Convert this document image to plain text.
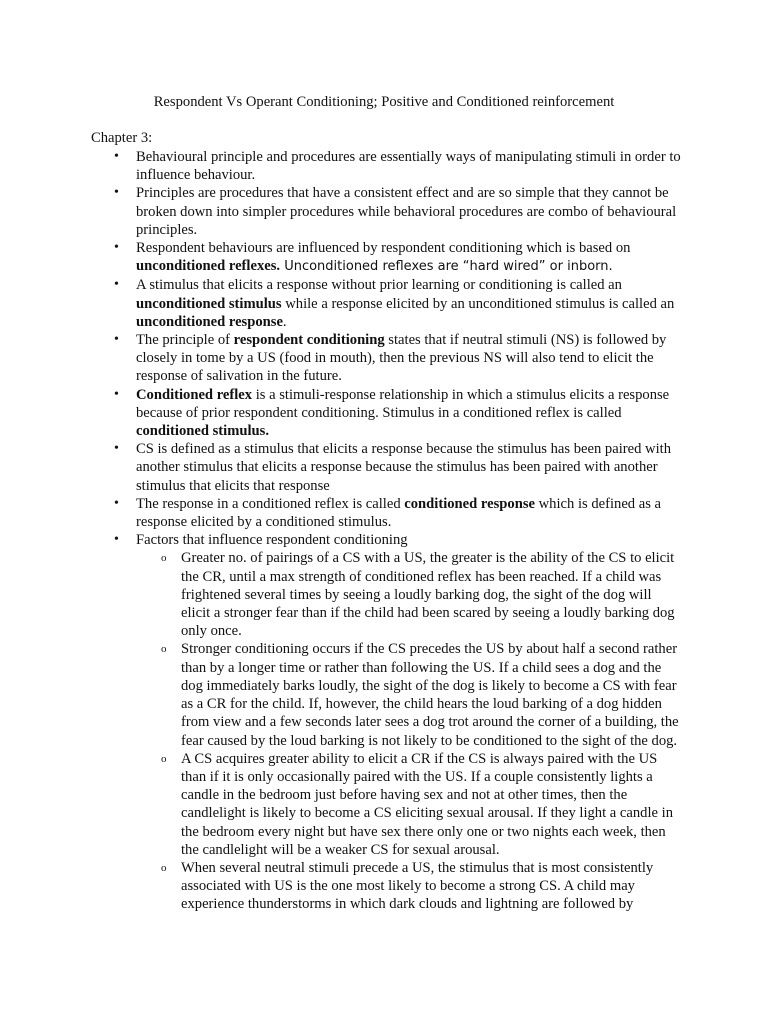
Respondent Vs Operant Conditioning; Positive and Conditioned reinforcement
Chapter 3:
• Behavioural principle and procedures are essentially ways of manipulating stimuli in order to influence behaviour.
• Principles are procedures that have a consistent effect and are so simple that they cannot be broken down into simpler procedures while behavioral procedures are combo of behavioural principles.
• Respondent behaviours are influenced by respondent conditioning which is based on unconditioned reflexes. Unconditioned reflexes are “hard wired” or inborn.
• A stimulus that elicits a response without prior learning or conditioning is called an unconditioned stimulus while a response elicited by an unconditioned stimulus is called an unconditioned response.
• The principle of respondent conditioning states that if neutral stimuli (NS) is followed by closely in tome by a US (food in mouth), then the previous NS will also tend to elicit the response of salivation in the future.
• Conditioned reflex is a stimuli-response relationship in which a stimulus elicits a response because of prior respondent conditioning. Stimulus in a conditioned reflex is called conditioned stimulus.
• CS is defined as a stimulus that elicits a response because the stimulus has been paired with another stimulus that elicits a response because the stimulus has been paired with another stimulus that elicits that response
• The response in a conditioned reflex is called conditioned response which is defined as a response elicited by a conditioned stimulus.
• Factors that influence respondent conditioning
o Greater no. of pairings of a CS with a US, the greater is the ability of the CS to elicit the CR, until a max strength of conditioned reflex has been reached. If a child was frightened several times by seeing a loudly barking dog, the sight of the dog will elicit a stronger fear than if the child had been scared by seeing a loudly barking dog only once.
o Stronger conditioning occurs if the CS precedes the US by about half a second rather than by a longer time or rather than following the US. If a child sees a dog and the dog immediately barks loudly, the sight of the dog is likely to become a CS with fear as a CR for the child. If, however, the child hears the loud barking of a dog hidden from view and a few seconds later sees a dog trot around the corner of a building, the fear caused by the loud barking is not likely to be conditioned to the sight of the dog.
o A CS acquires greater ability to elicit a CR if the CS is always paired with the US than if it is only occasionally paired with the US. If a couple consistently lights a candle in the bedroom just before having sex and not at other times, then the candlelight is likely to become a CS eliciting sexual arousal. If they light a candle in the bedroom every night but have sex there only one or two nights each week, then the candlelight will be a weaker CS for sexual arousal.
o When several neutral stimuli precede a US, the stimulus that is most consistently associated with US is the one most likely to become a strong CS. A child may experience thunderstorms in which dark clouds and lightning are followed by
